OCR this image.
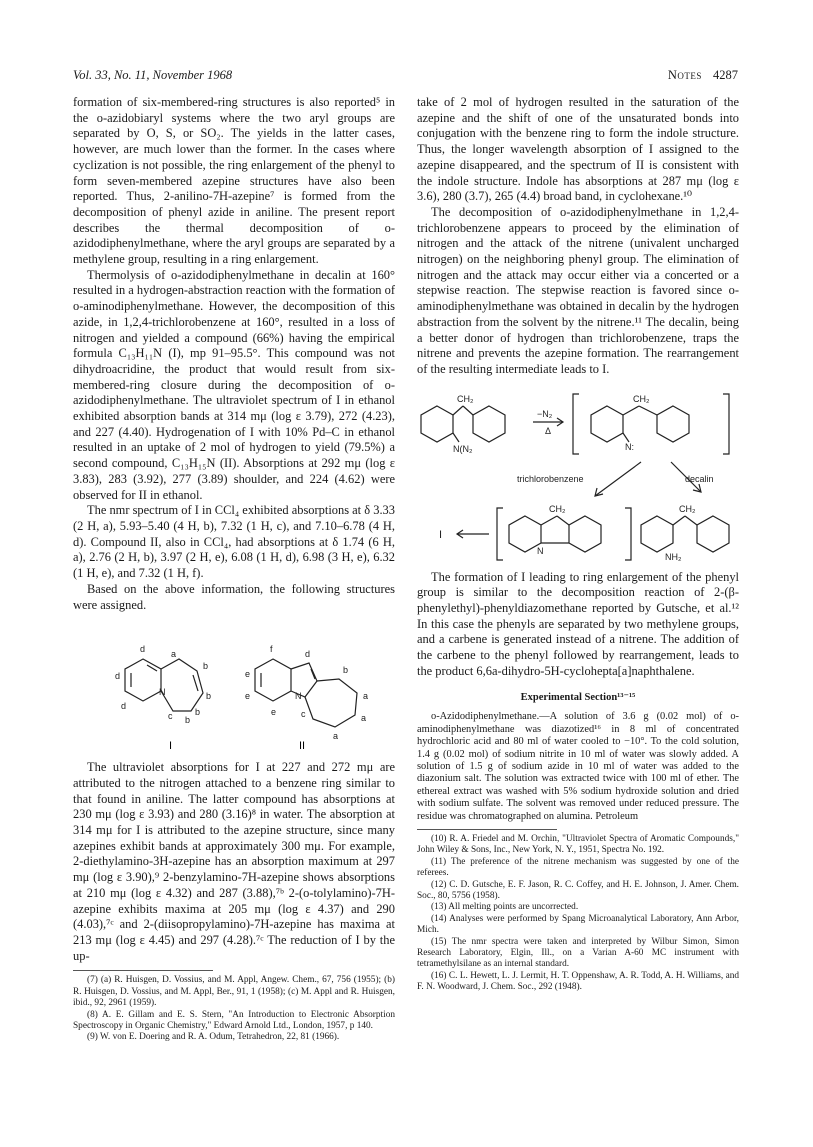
Vol. 33, No. 11, November 1968	Notes 4287

formation of six-membered-ring structures is also reported⁵ in the o-azidobiaryl systems where the two aryl groups are separated by O, S, or SO₂. The yields in the latter cases, however, are much lower than the former. In the cases where cyclization is not possible, the ring enlargement of the phenyl to form seven-membered azepine structures have also been reported. Thus, 2-anilino-7H-azepine⁷ is formed from the decomposition of phenyl azide in aniline. The present report describes the thermal decomposition of o-azidodiphenylmethane, where the aryl groups are separated by a methylene group, resulting in a ring enlargement.

Thermolysis of o-azidodiphenylmethane in decalin at 160° resulted in a hydrogen-abstraction reaction with the formation of o-aminodiphenylmethane. However, the decomposition of this azide, in 1,2,4-trichlorobenzene at 160°, resulted in a loss of nitrogen and yielded a compound (66%) having the empirical formula C₁₃H₁₁N (I), mp 91–95.5°. This compound was not dihydroacridine, the product that would result from six-membered-ring closure during the decomposition of o-azidodiphenylmethane. The ultraviolet spectrum of I in ethanol exhibited absorption bands at 314 mμ (log ε 3.79), 272 (4.23), and 227 (4.40). Hydrogenation of I with 10% Pd–C in ethanol resulted in an uptake of 2 mol of hydrogen to yield (79.5%) a second compound, C₁₃H₁₅N (II). Absorptions at 292 mμ (log ε 3.83), 283 (3.92), 277 (3.89) shoulder, and 224 (4.62) were observed for II in ethanol.

The nmr spectrum of I in CCl₄ exhibited absorptions at δ 3.33 (2 H, a), 5.93–5.40 (4 H, b), 7.32 (1 H, c), and 7.10–6.78 (4 H, d). Compound II, also in CCl₄, had absorptions at δ 1.74 (6 H, a), 2.76 (2 H, b), 3.97 (2 H, e), 6.08 (1 H, d), 6.98 (3 H, e), 6.32 (1 H, e), and 7.32 (1 H, f).

Based on the above information, the following structures were assigned.

d	a
b
d
b
d
c b
b
N
f	d
b
e
e	a
e	c	a
a
N
I	II

The ultraviolet absorptions for I at 227 and 272 mμ are attributed to the nitrogen attached to a benzene ring similar to that found in aniline. The latter compound has absorptions at 230 mμ (log ε 3.93) and 280 (3.16)⁸ in water. The absorption at 314 mμ for I is attributed to the azepine structure, since many azepines exhibit bands at approximately 300 mμ. For example, 2-diethylamino-3H-azepine has an absorption maximum at 297 mμ (log ε 3.90),⁹ 2-benzylamino-7H-azepine shows absorptions at 210 mμ (log ε 4.32) and 287 (3.88),⁷ᵇ 2-(o-tolylamino)-7H-azepine exhibits maxima at 205 mμ (log ε 4.37) and 290 (4.03),⁷ᶜ and 2-(diisopropylamino)-7H-azepine has maxima at 213 mμ (log ε 4.45) and 297 (4.28).⁷ᶜ The reduction of I by the up-

(7) (a) R. Huisgen, D. Vossius, and M. Appl, Angew. Chem., 67, 756 (1955); (b) R. Huisgen, D. Vossius, and M. Appl, Ber., 91, 1 (1958); (c) M. Appl and R. Huisgen, ibid., 92, 2961 (1959).

(8) A. E. Gillam and E. S. Stern, "An Introduction to Electronic Absorption Spectroscopy in Organic Chemistry," Edward Arnold Ltd., London, 1957, p 140.

(9) W. von E. Doering and R. A. Odum, Tetrahedron, 22, 81 (1966).

take of 2 mol of hydrogen resulted in the saturation of the azepine and the shift of one of the unsaturated bonds into conjugation with the benzene ring to form the indole structure. Thus, the longer wavelength absorption of I assigned to the azepine disappeared, and the spectrum of II is consistent with the indole structure. Indole has absorptions at 287 mμ (log ε 3.6), 280 (3.7), 265 (4.4) broad band, in cyclohexane.¹⁰

The decomposition of o-azidodiphenylmethane in 1,2,4-trichlorobenzene appears to proceed by the elimination of nitrogen and the attack of the nitrene (univalent uncharged nitrogen) on the neighboring phenyl group. The elimination of nitrogen and the attack may occur either via a concerted or a stepwise reaction. The stepwise reaction is favored since o-aminodiphenylmethane was obtained in decalin by the hydrogen abstraction from the solvent by the nitrene.¹¹ The decalin, being a better donor of hydrogen than trichlorobenzene, traps the nitrene and prevents the azepine formation. The rearrangement of the resulting intermediate leads to I.

CH₂
N(N₂
−N₂
Δ
CH₂
N:
trichlorobenzene	decalin
I
CH₂
N
CH₂
NH₂

The formation of I leading to ring enlargement of the phenyl group is similar to the decomposition reaction of 2-(β-phenylethyl)-phenyldiazomethane reported by Gutsche, et al.¹² In this case the phenyls are separated by two methylene groups, and a carbene is generated instead of a nitrene. The addition of the carbene to the phenyl followed by rearrangement, leads to the product 6,6a-dihydro-5H-cyclohepta[a]naphthalene.

Experimental Section¹³⁻¹⁵

o-Azidodiphenylmethane.—A solution of 3.6 g (0.02 mol) of o-aminodiphenylmethane was diazotized¹⁶ in 8 ml of concentrated hydrochloric acid and 80 ml of water cooled to −10°. To the cold solution, 1.4 g (0.02 mol) of sodium nitrite in 10 ml of water was slowly added. A solution of 1.5 g of sodium azide in 10 ml of water was added to the diazonium salt. The solution was extracted twice with 100 ml of ether. The ethereal extract was washed with 5% sodium hydroxide solution and dried with sodium sulfate. The solvent was removed under reduced pressure. The residue was chromatographed on alumina. Petroleum

(10) R. A. Friedel and M. Orchin, "Ultraviolet Spectra of Aromatic Compounds," John Wiley & Sons, Inc., New York, N. Y., 1951, Spectra No. 192.

(11) The preference of the nitrene mechanism was suggested by one of the referees.

(12) C. D. Gutsche, E. F. Jason, R. C. Coffey, and H. E. Johnson, J. Amer. Chem. Soc., 80, 5756 (1958).

(13) All melting points are uncorrected.

(14) Analyses were performed by Spang Microanalytical Laboratory, Ann Arbor, Mich.

(15) The nmr spectra were taken and interpreted by Wilbur Simon, Simon Research Laboratory, Elgin, Ill., on a Varian A-60 MC instrument with tetramethylsilane as an internal standard.

(16) C. L. Hewett, L. J. Lermit, H. T. Oppenshaw, A. R. Todd, A. H. Williams, and F. N. Woodward, J. Chem. Soc., 292 (1948).
